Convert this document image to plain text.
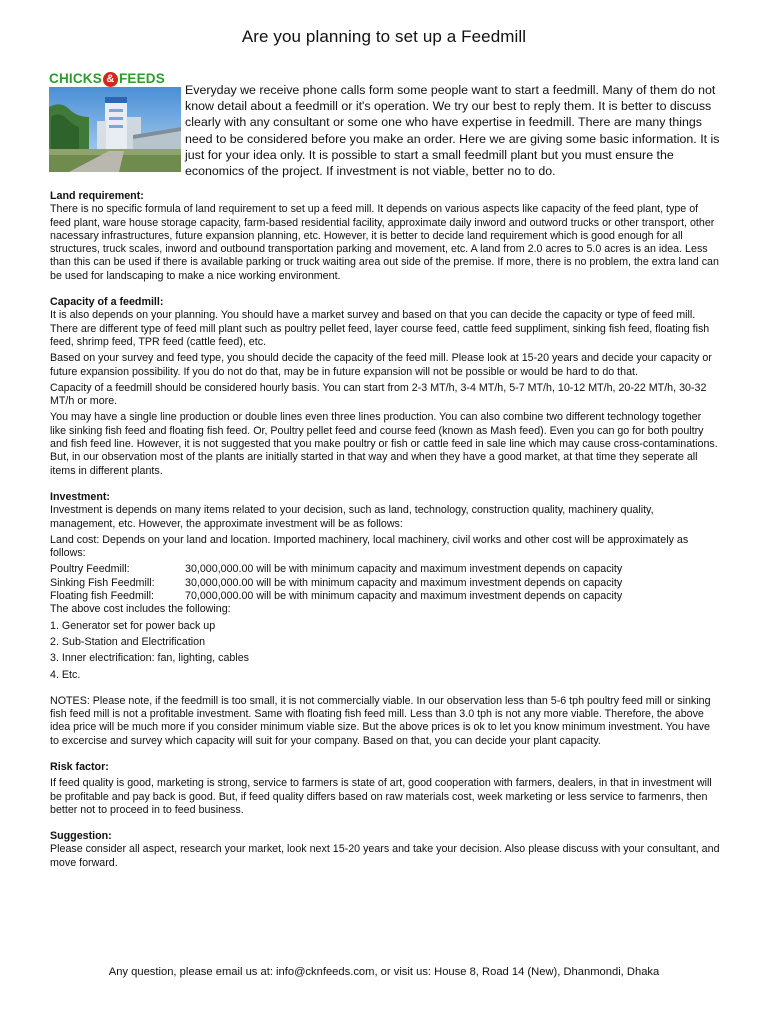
Are you planning to set up a Feedmill
CHICKS & FEEDS

Everyday we receive phone calls form some people want to start a feedmill. Many of them do not know detail about a feedmill or it's operation. We try our best to reply them. It is better to discuss clearly with any consultant or some one who have expertise in feedmill. There are many things need to be considered before you make an order. Here we are giving some basic information. It is just for your idea only. It is possible to start a small feedmill plant but you must ensure the economics of the project. If investment is not viable, better no to do.

Land requirement:

There is no specific formula of land requirement to set up a feed mill. It depends on various aspects like capacity of the feed plant, type of feed plant, ware house storage capacity, farm-based residential facility, approximate daily inword and outword trucks or other transport, other nacessary infrastructures, future expansion planning, etc. However, it is better to decide land requirement which is good enough for all structures, truck scales, inword and outbound transportation parking and movement, etc. A land from 2.0 acres to 5.0 acres is an idea. Less than this can be used if there is available parking or truck waiting area out side of the premise. If more, there is no problem, the extra land can be used for landscaping to make a nice working environment.

Capacity of a feedmill:

It is also depends on your planning. You should have a market survey and based on that you can decide the capacity or type of feed mill. There are different type of feed mill plant such as poultry pellet feed, layer course feed, cattle feed suppliment, sinking fish feed, floating fish feed, shrimp feed, TPR feed (cattle feed), etc.

Based on your survey and feed type, you should decide the capacity of the feed mill. Please look at 15-20 years and decide your capacity or future expansion possibility. If you do not do that, may be in future expansion will not be possible or would be hard to do that.

Capacity of a feedmill should be considered hourly basis. You can start from 2-3 MT/h, 3-4 MT/h, 5-7 MT/h, 10-12 MT/h, 20-22 MT/h, 30-32 MT/h or more.

You may have a single line production or double lines even three lines production. You can also combine two different technology together like sinking fish feed and floating fish feed. Or, Poultry pellet feed and course feed (known as Mash feed). Even you can go for both poultry and fish feed line. However, it is not suggested that you make poultry or fish or cattle feed in sale line which may cause cross-contaminations. But, in our observation most of the plants are initially started in that way and when they have a good market, at that time they seperate all items in different plants.

Investment:

Investment is depends on many items related to your decision, such as land, technology, construction quality, machinery quality, management, etc. However, the approximate investment will be as follows:

Land cost: Depends on your land and location. Imported machinery, local machinery, civil works and other cost will be approximately as follows:

Poultry Feedmill:	30,000,000.00 will be with minimum capacity and maximum investment depends on capacity
Sinking Fish Feedmill:	30,000,000.00 will be with minimum capacity and maximum investment depends on capacity
Floating fish Feedmill:	70,000,000.00 will be with minimum capacity and maximum investment depends on capacity

The above cost includes the following:

1. Generator set for power back up

2. Sub-Station and Electrification

3. Inner electrification: fan, lighting, cables

4. Etc.

NOTES: Please note, if the feedmill is too small, it is not commercially viable. In our observation less than 5-6 tph poultry feed mill or sinking fish feed mill is not a profitable investment. Same with floating fish feed mill. Less than 3.0 tph is not any more viable. Therefore, the above idea price will be much more if you consider minimum viable size. But the above prices is ok to let you know minimum investment. You have to excercise and survey which capacity will suit for your company. Based on that, you can decide your plant capacity.

Risk factor:

If feed quality is good, marketing is strong, service to farmers is state of art, good cooperation with farmers, dealers, in that in investment will be profitable and pay back is good. But, if feed quality differs based on raw materials cost, week marketing or less service to farmenrs, then better not to proceed in to feed business.

Suggestion:

Please consider all aspect, research your market, look next 15-20 years and take your decision. Also please discuss with your consultant, and move forward.

Any question, please email us at: info@cknfeeds.com, or visit us: House 8, Road 14 (New), Dhanmondi, Dhaka
